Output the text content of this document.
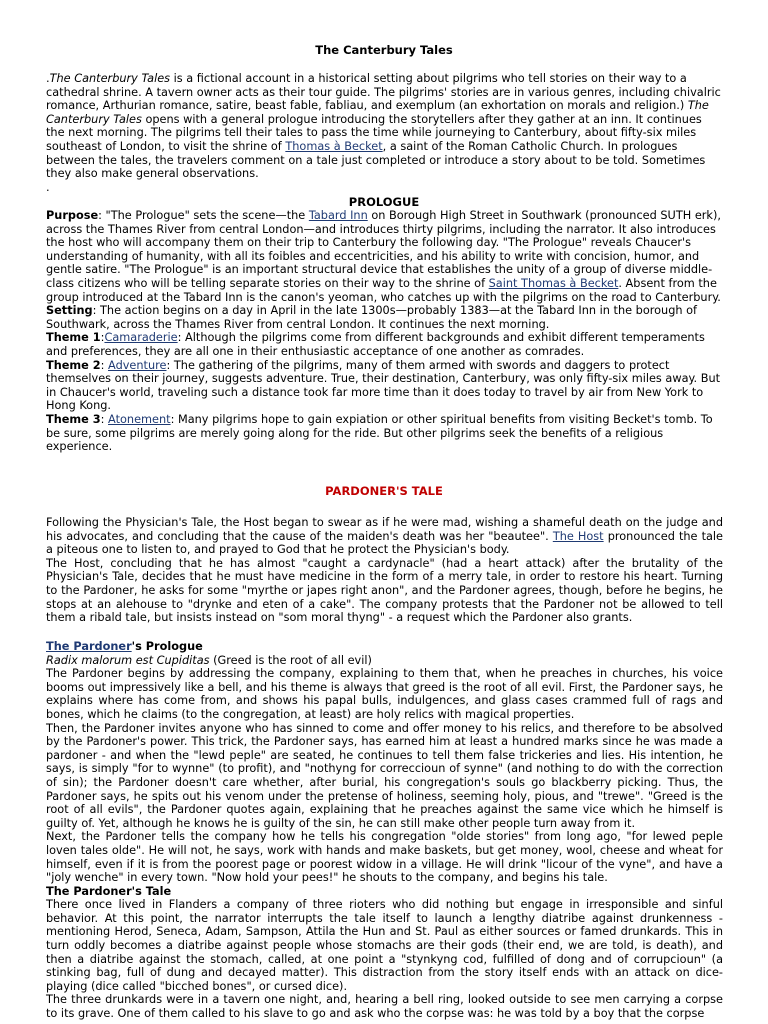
The Canterbury Tales

.The Canterbury Tales is a fictional account in a historical setting about pilgrims who tell stories on their way to a cathedral shrine. A tavern owner acts as their tour guide. The pilgrims' stories are in various genres, including chivalric romance, Arthurian romance, satire, beast fable, fabliau, and exemplum (an exhortation on morals and religion.) The Canterbury Tales opens with a general prologue introducing the storytellers after they gather at an inn. It continues the next morning. The pilgrims tell their tales to pass the time while journeying to Canterbury, about fifty-six miles southeast of London, to visit the shrine of Thomas à Becket, a saint of the Roman Catholic Church. In prologues between the tales, the travelers comment on a tale just completed or introduce a story about to be told. Sometimes they also make general observations.
.

PROLOGUE

Purpose: "The Prologue" sets the scene—the Tabard Inn on Borough High Street in Southwark (pronounced SUTH erk), across the Thames River from central London—and introduces thirty pilgrims, including the narrator. It also introduces the host who will accompany them on their trip to Canterbury the following day. "The Prologue" reveals Chaucer's understanding of humanity, with all its foibles and eccentricities, and his ability to write with concision, humor, and gentle satire. "The Prologue" is an important structural device that establishes the unity of a group of diverse middle-class citizens who will be telling separate stories on their way to the shrine of Saint Thomas à Becket. Absent from the group introduced at the Tabard Inn is the canon's yeoman, who catches up with the pilgrims on the road to Canterbury.
Setting: The action begins on a day in April in the late 1300s—probably 1383—at the Tabard Inn in the borough of Southwark, across the Thames River from central London. It continues the next morning.
Theme 1:Camaraderie: Although the pilgrims come from different backgrounds and exhibit different temperaments and preferences, they are all one in their enthusiastic acceptance of one another as comrades.
Theme 2: Adventure: The gathering of the pilgrims, many of them armed with swords and daggers to protect themselves on their journey, suggests adventure. True, their destination, Canterbury, was only fifty-six miles away. But in Chaucer's world, traveling such a distance took far more time than it does today to travel by air from New York to Hong Kong.
Theme 3: Atonement: Many pilgrims hope to gain expiation or other spiritual benefits from visiting Becket's tomb. To be sure, some pilgrims are merely going along for the ride. But other pilgrims seek the benefits of a religious experience.

PARDONER'S TALE

Following the Physician's Tale, the Host began to swear as if he were mad, wishing a shameful death on the judge and his advocates, and concluding that the cause of the maiden's death was her "beautee". The Host pronounced the tale a piteous one to listen to, and prayed to God that he protect the Physician's body.
The Host, concluding that he has almost "caught a cardynacle" (had a heart attack) after the brutality of the Physician's Tale, decides that he must have medicine in the form of a merry tale, in order to restore his heart. Turning to the Pardoner, he asks for some "myrthe or japes right anon", and the Pardoner agrees, though, before he begins, he stops at an alehouse to "drynke and eten of a cake". The company protests that the Pardoner not be allowed to tell them a ribald tale, but insists instead on "som moral thyng" - a request which the Pardoner also grants.

The Pardoner's Prologue
Radix malorum est Cupiditas (Greed is the root of all evil)
The Pardoner begins by addressing the company, explaining to them that, when he preaches in churches, his voice booms out impressively like a bell, and his theme is always that greed is the root of all evil. First, the Pardoner says, he explains where has come from, and shows his papal bulls, indulgences, and glass cases crammed full of rags and bones, which he claims (to the congregation, at least) are holy relics with magical properties.
Then, the Pardoner invites anyone who has sinned to come and offer money to his relics, and therefore to be absolved by the Pardoner's power. This trick, the Pardoner says, has earned him at least a hundred marks since he was made a pardoner - and when the "lewd peple" are seated, he continues to tell them false trickeries and lies. His intention, he says, is simply "for to wynne" (to profit), and "nothyng for correccioun of synne" (and nothing to do with the correction of sin); the Pardoner doesn't care whether, after burial, his congregation's souls go blackberry picking. Thus, the Pardoner says, he spits out his venom under the pretense of holiness, seeming holy, pious, and "trewe". "Greed is the root of all evils", the Pardoner quotes again, explaining that he preaches against the same vice which he himself is guilty of. Yet, although he knows he is guilty of the sin, he can still make other people turn away from it.
Next, the Pardoner tells the company how he tells his congregation "olde stories" from long ago, "for lewed peple loven tales olde". He will not, he says, work with hands and make baskets, but get money, wool, cheese and wheat for himself, even if it is from the poorest page or poorest widow in a village. He will drink "licour of the vyne", and have a "joly wenche" in every town. "Now hold your pees!" he shouts to the company, and begins his tale.
The Pardoner's Tale
There once lived in Flanders a company of three rioters who did nothing but engage in irresponsible and sinful behavior. At this point, the narrator interrupts the tale itself to launch a lengthy diatribe against drunkenness - mentioning Herod, Seneca, Adam, Sampson, Attila the Hun and St. Paul as either sources or famed drunkards. This in turn oddly becomes a diatribe against people whose stomachs are their gods (their end, we are told, is death), and then a diatribe against the stomach, called, at one point a "stynkyng cod, fulfilled of dong and of corrupcioun" (a stinking bag, full of dung and decayed matter). This distraction from the story itself ends with an attack on dice-playing (dice called "bicched bones", or cursed dice).
The three drunkards were in a tavern one night, and, hearing a bell ring, looked outside to see men carrying a corpse to its grave. One of them called to his slave to go and ask who the corpse was: he was told by a boy that the corpse
